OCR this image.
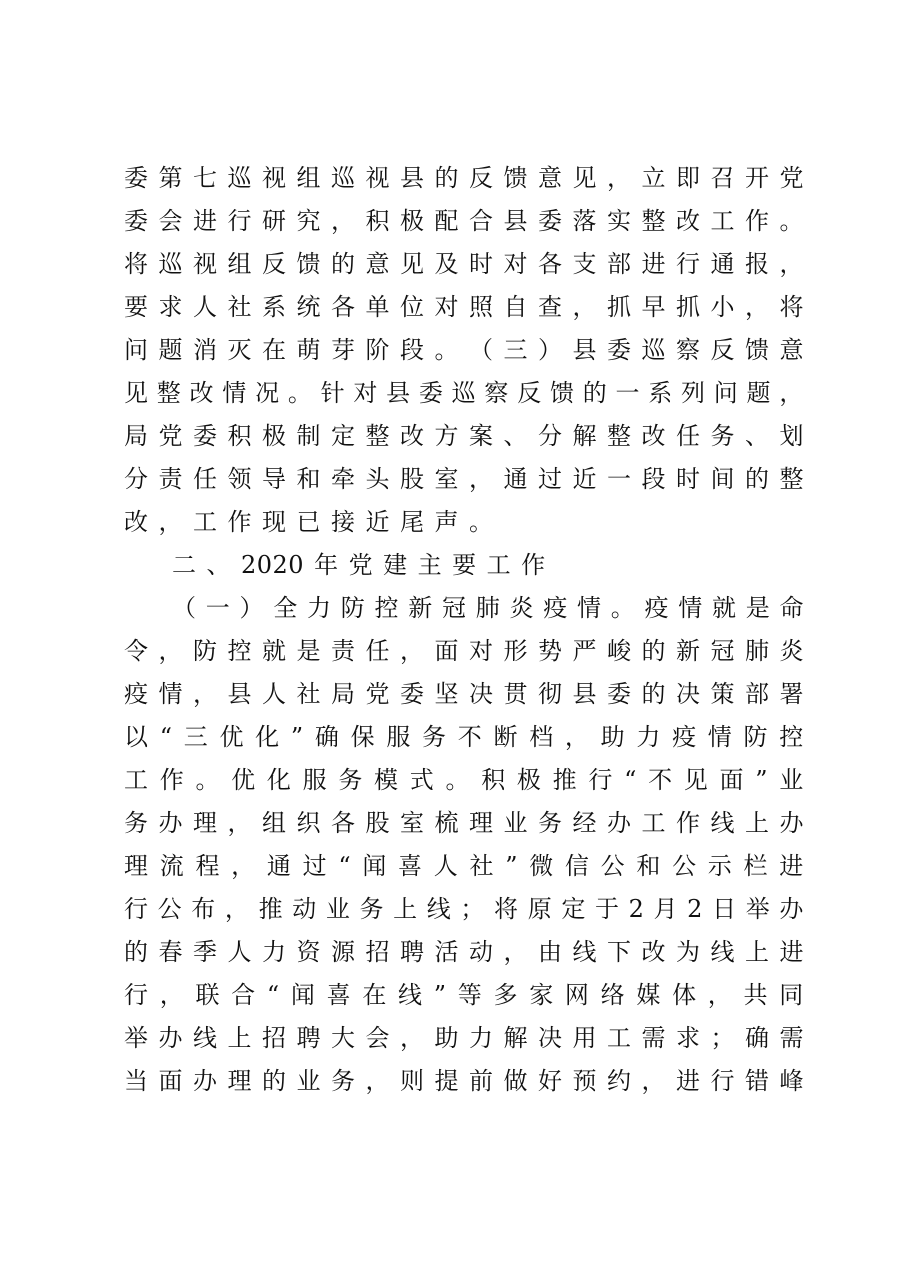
委 第 七 巡 视 组 巡 视 县 的 反 馈 意 见 ， 立 即 召 开 党
委 会 进 行 研 究 ， 积 极 配 合 县 委 落 实 整 改 工 作 。
将 巡 视 组 反 馈 的 意 见 及 时 对 各 支 部 进 行 通 报 ，
要 求 人 社 系 统 各 单 位 对 照 自 查 ， 抓 早 抓 小 ， 将
问 题 消 灭 在 萌 芽 阶 段 。 （ 三 ） 县 委 巡 察 反 馈 意
见 整 改 情 况 。 针 对 县 委 巡 察 反 馈 的 一 系 列 问 题 ，
局 党 委 积 极 制 定 整 改 方 案 、 分 解 整 改 任 务 、 划
分 责 任 领 导 和 牵 头 股 室 ， 通 过 近 一 段 时 间 的 整
改 ， 工 作 现 已 接 近 尾 声 。
二 、 2020 年 党 建 主 要 工 作
（ 一 ） 全 力 防 控 新 冠 肺 炎 疫 情 。 疫 情 就 是 命
令 ， 防 控 就 是 责 任 ， 面 对 形 势 严 峻 的 新 冠 肺 炎
疫 情 ， 县 人 社 局 党 委 坚 决 贯 彻 县 委 的 决 策 部 署
以 “ 三 优 化 ” 确 保 服 务 不 断 档 ， 助 力 疫 情 防 控
工 作 。 优 化 服 务 模 式 。 积 极 推 行 “ 不 见 面 ” 业
务 办 理 ， 组 织 各 股 室 梳 理 业 务 经 办 工 作 线 上 办
理 流 程 ， 通 过 “ 闻 喜 人 社 ” 微 信 公 和 公 示 栏 进
行 公 布 ， 推 动 业 务 上 线 ； 将 原 定 于 2 月 2 日 举 办
的 春 季 人 力 资 源 招 聘 活 动 ， 由 线 下 改 为 线 上 进
行 ， 联 合 “ 闻 喜 在 线 ” 等 多 家 网 络 媒 体 ， 共 同
举 办 线 上 招 聘 大 会 ， 助 力 解 决 用 工 需 求 ； 确 需
当 面 办 理 的 业 务 ， 则 提 前 做 好 预 约 ， 进 行 错 峰
